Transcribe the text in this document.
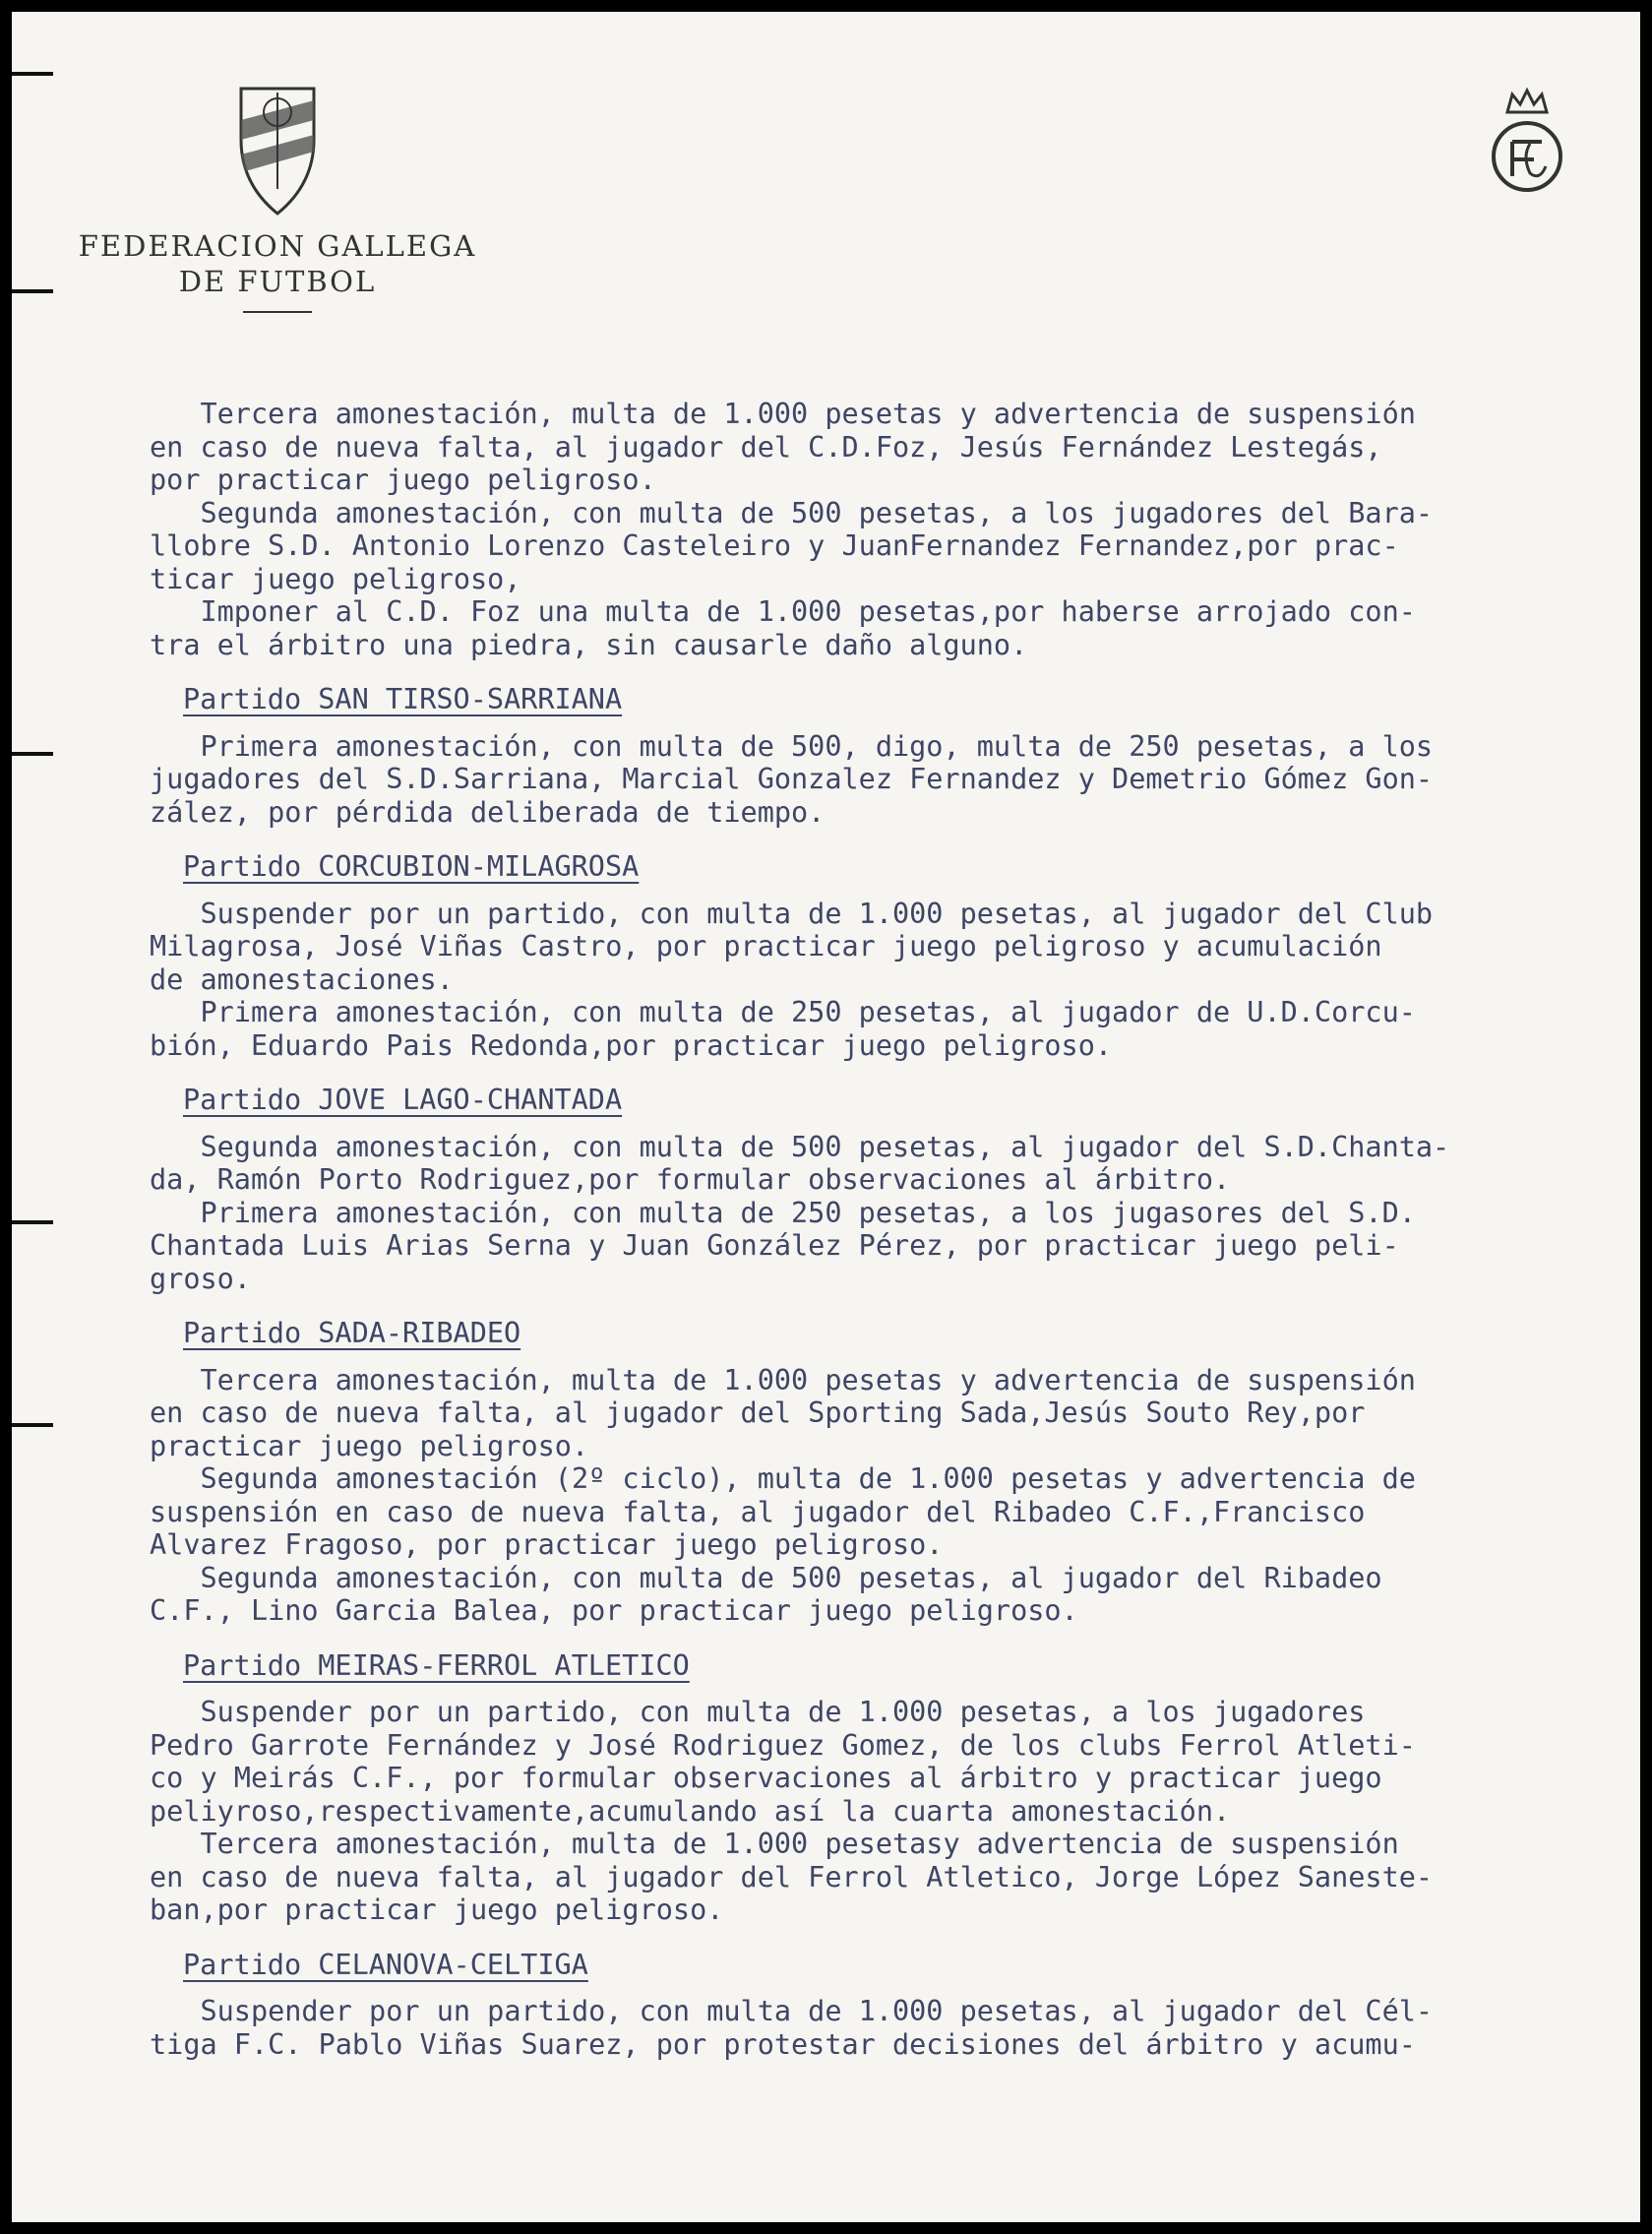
FEDERACION GALLEGA
DE FUTBOL

Tercera amonestación, multa de 1.000 pesetas y advertencia de suspensión

en caso de nueva falta, al jugador del C.D.Foz, Jesús Fernández Lestegás,

por practicar juego peligroso.

Segunda amonestación, con multa de 500 pesetas, a los jugadores del Bara-

llobre S.D. Antonio Lorenzo Casteleiro y JuanFernandez Fernandez,por prac-

ticar juego peligroso,

Imponer al C.D. Foz una multa de 1.000 pesetas,por haberse arrojado con-

tra el árbitro una piedra, sin causarle daño alguno.

Partido SAN TIRSO-SARRIANA

Primera amonestación, con multa de 500, digo, multa de 250 pesetas, a los

jugadores del S.D.Sarriana, Marcial Gonzalez Fernandez y Demetrio Gómez Gon-

zález, por pérdida deliberada de tiempo.

Partido CORCUBION-MILAGROSA

Suspender por un partido, con multa de 1.000 pesetas, al jugador del Club

Milagrosa, José Viñas Castro, por practicar juego peligroso y acumulación

de amonestaciones.

Primera amonestación, con multa de 250 pesetas, al jugador de U.D.Corcu-

bión, Eduardo Pais Redonda,por practicar juego peligroso.

Partido JOVE LAGO-CHANTADA

Segunda amonestación, con multa de 500 pesetas, al jugador del S.D.Chanta-

da, Ramón Porto Rodriguez,por formular observaciones al árbitro.

Primera amonestación, con multa de 250 pesetas, a los jugasores del S.D.

Chantada Luis Arias Serna y Juan González Pérez, por practicar juego peli-

groso.

Partido SADA-RIBADEO

Tercera amonestación, multa de 1.000 pesetas y advertencia de suspensión

en caso de nueva falta, al jugador del Sporting Sada,Jesús Souto Rey,por

practicar juego peligroso.

Segunda amonestación (2º ciclo), multa de 1.000 pesetas y advertencia de

suspensión en caso de nueva falta, al jugador del Ribadeo C.F.,Francisco

Alvarez Fragoso, por practicar juego peligroso.

Segunda amonestación, con multa de 500 pesetas, al jugador del Ribadeo

C.F., Lino Garcia Balea, por practicar juego peligroso.

Partido MEIRAS-FERROL ATLETICO

Suspender por un partido, con multa de 1.000 pesetas, a los jugadores

Pedro Garrote Fernández y José Rodriguez Gomez, de los clubs Ferrol Atleti-

co y Meirás C.F., por formular observaciones al árbitro y practicar juego

peliyroso,respectivamente,acumulando así la cuarta amonestación.

Tercera amonestación, multa de 1.000 pesetasy advertencia de suspensión

en caso de nueva falta, al jugador del Ferrol Atletico, Jorge López Saneste-

ban,por practicar juego peligroso.

Partido CELANOVA-CELTIGA

Suspender por un partido, con multa de 1.000 pesetas, al jugador del Cél-

tiga F.C. Pablo Viñas Suarez, por protestar decisiones del árbitro y acumu-
